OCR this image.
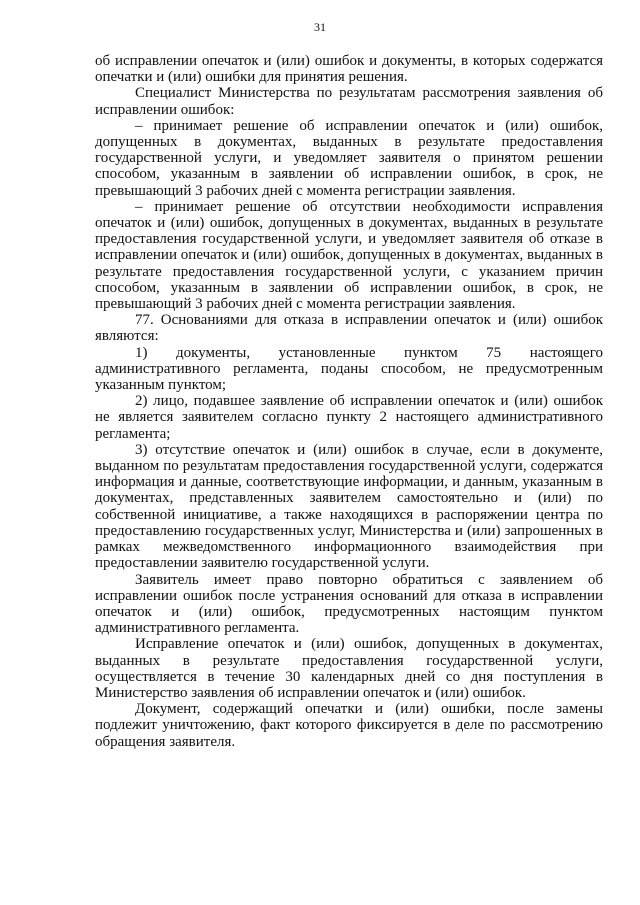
31

об исправлении опечаток и (или) ошибок и документы, в которых содержатся опечатки и (или) ошибки для принятия решения.

Специалист Министерства по результатам рассмотрения заявления об исправлении ошибок:

– принимает решение об исправлении опечаток и (или) ошибок, допущенных в документах, выданных в результате предоставления государственной услуги, и уведомляет заявителя о принятом решении способом, указанным в заявлении об исправлении ошибок, в срок, не превышающий 3 рабочих дней с момента регистрации заявления.

– принимает решение об отсутствии необходимости исправления опечаток и (или) ошибок, допущенных в документах, выданных в результате предоставления государственной услуги, и уведомляет заявителя об отказе в исправлении опечаток и (или) ошибок, допущенных в документах, выданных в результате предоставления государственной услуги, с указанием причин способом, указанным в заявлении об исправлении ошибок, в срок, не превышающий 3 рабочих дней с момента регистрации заявления.

77. Основаниями для отказа в исправлении опечаток и (или) ошибок являются:

1) документы, установленные пунктом 75 настоящего административного регламента, поданы способом, не предусмотренным указанным пунктом;

2) лицо, подавшее заявление об исправлении опечаток и (или) ошибок не является заявителем согласно пункту 2 настоящего административного регламента;

3) отсутствие опечаток и (или) ошибок в случае, если в документе, выданном по результатам предоставления государственной услуги, содержатся информация и данные, соответствующие информации, и данным, указанным в документах, представленных заявителем самостоятельно и (или) по собственной инициативе, а также находящихся в распоряжении центра по предоставлению государственных услуг, Министерства и (или) запрошенных в рамках межведомственного информационного взаимодействия при предоставлении заявителю государственной услуги.

Заявитель имеет право повторно обратиться с заявлением об исправлении ошибок после устранения оснований для отказа в исправлении опечаток и (или) ошибок, предусмотренных настоящим пунктом административного регламента.

Исправление опечаток и (или) ошибок, допущенных в документах, выданных в результате предоставления государственной услуги, осуществляется в течение 30 календарных дней со дня поступления в Министерство заявления об исправлении опечаток и (или) ошибок.

Документ, содержащий опечатки и (или) ошибки, после замены подлежит уничтожению, факт которого фиксируется в деле по рассмотрению обращения заявителя.
